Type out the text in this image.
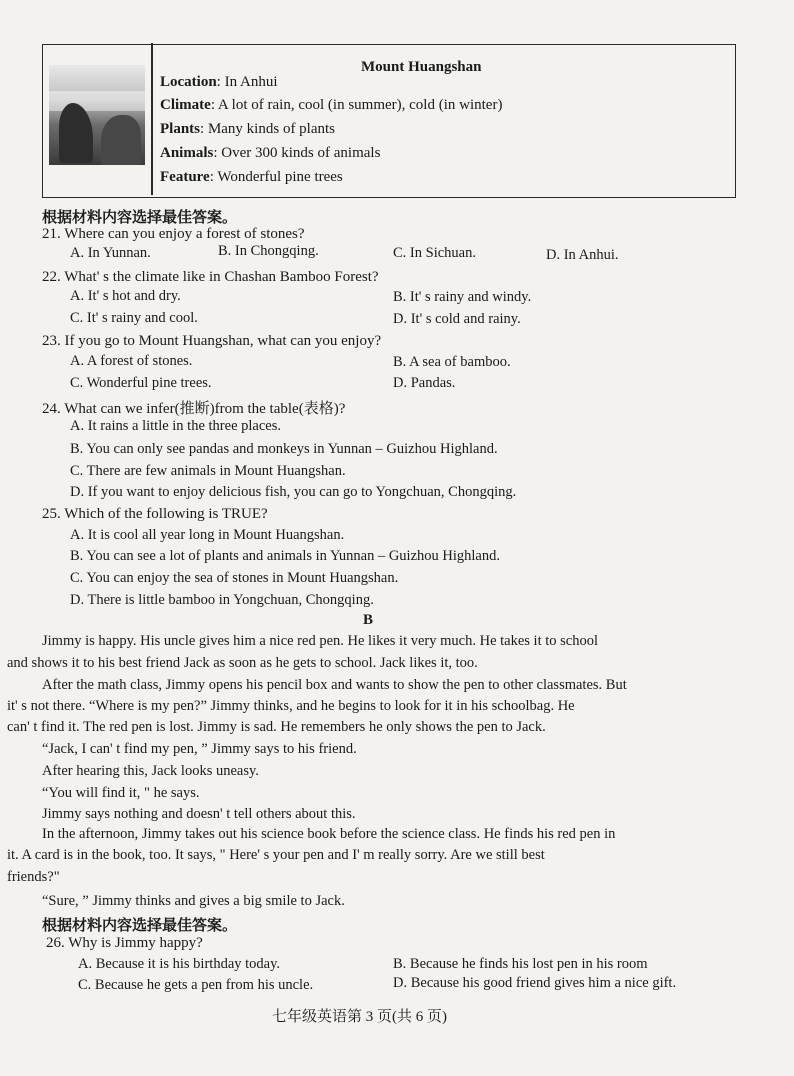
Mount Huangshan
Location: In Anhui
Climate: A lot of rain, cool (in summer), cold (in winter)
Plants: Many kinds of plants
Animals: Over 300 kinds of animals
Feature: Wonderful pine trees
根据材料内容选择最佳答案。
21. Where can you enjoy a forest of stones?
A. In Yunnan.	B. In Chongqing.	C. In Sichuan.	D. In Anhui.
22. What' s the climate like in Chashan Bamboo Forest?
A. It' s hot and dry.	B. It' s rainy and windy.
C. It' s rainy and cool.	D. It' s cold and rainy.
23. If you go to Mount Huangshan, what can you enjoy?
A. A forest of stones.	B. A sea of bamboo.
C. Wonderful pine trees.	D. Pandas.
24. What can we infer(推断)from the table(表格)?
A. It rains a little in the three places.
B. You can only see pandas and monkeys in Yunnan – Guizhou Highland.
C. There are few animals in Mount Huangshan.
D. If you want to enjoy delicious fish, you can go to Yongchuan, Chongqing.
25. Which of the following is TRUE?
A. It is cool all year long in Mount Huangshan.
B. You can see a lot of plants and animals in Yunnan – Guizhou Highland.
C. You can enjoy the sea of stones in Mount Huangshan.
D. There is little bamboo in Yongchuan, Chongqing.
B
Jimmy is happy. His uncle gives him a nice red pen. He likes it very much. He takes it to school
and shows it to his best friend Jack as soon as he gets to school. Jack likes it, too.
After the math class, Jimmy opens his pencil box and wants to show the pen to other classmates. But
it' s not there. “Where is my pen?” Jimmy thinks, and he begins to look for it in his schoolbag. He
can' t find it. The red pen is lost. Jimmy is sad. He remembers he only shows the pen to Jack.
“Jack, I can' t find my pen, ” Jimmy says to his friend.
After hearing this, Jack looks uneasy.
“You will find it, " he says.
Jimmy says nothing and doesn' t tell others about this.
In the afternoon, Jimmy takes out his science book before the science class. He finds his red pen in
it. A card is in the book, too. It says, " Here' s your pen and I' m really sorry. Are we still best
friends?"
“Sure, ” Jimmy thinks and gives a big smile to Jack.
根据材料内容选择最佳答案。
26. Why is Jimmy happy?
A. Because it is his birthday today.	B. Because he finds his lost pen in his room
C. Because he gets a pen from his uncle.	D. Because his good friend gives him a nice gift.
七年级英语第 3 页(共 6 页)
